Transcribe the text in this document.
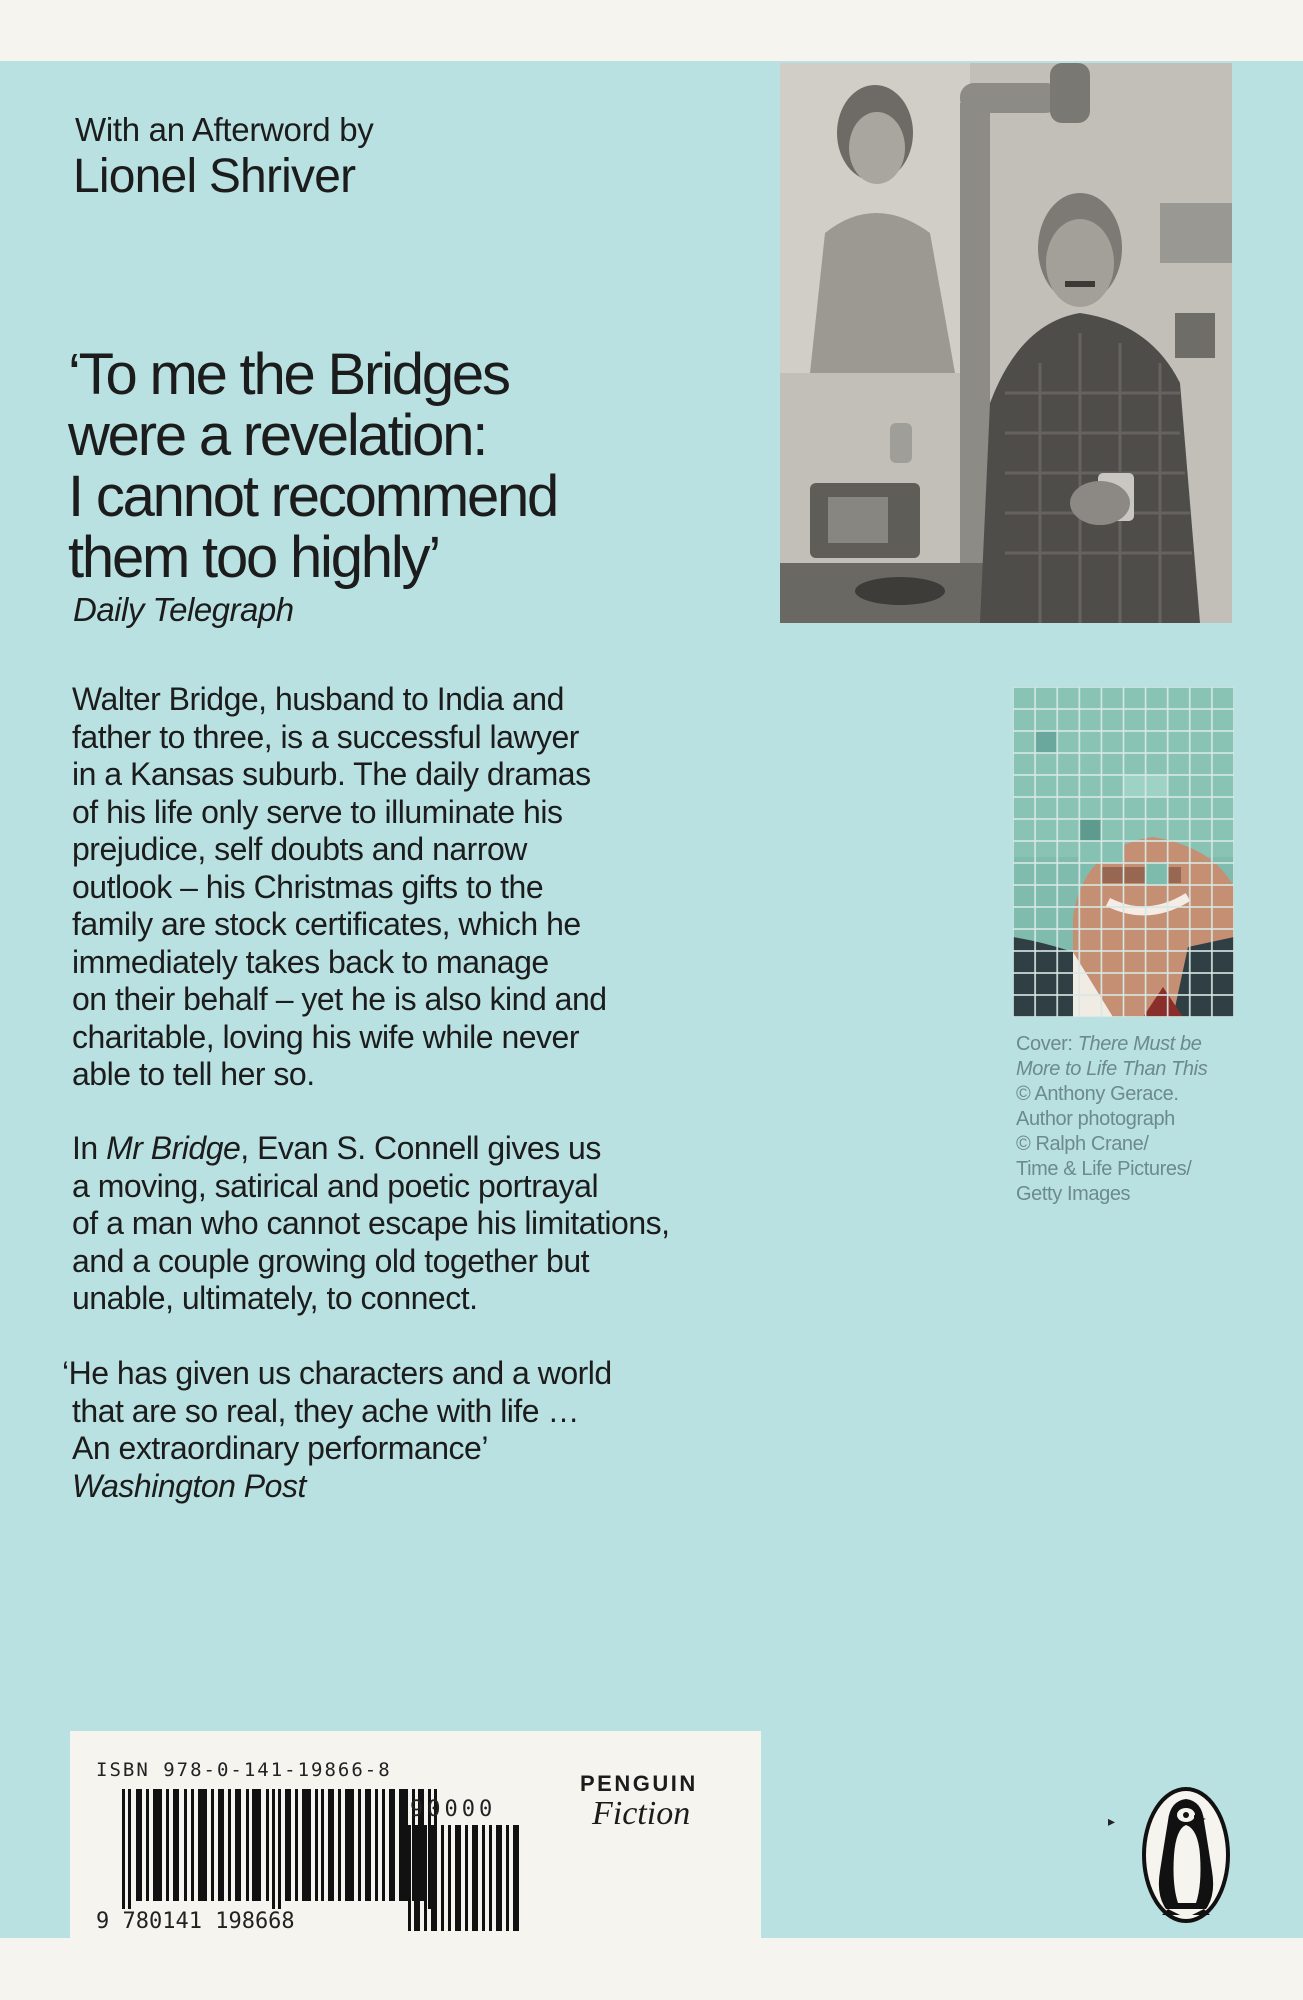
With an Afterword by
Lionel Shriver
‘To me the Bridges
were a revelation:
I cannot recommend
them too highly’
Daily Telegraph
Walter Bridge, husband to India and
father to three, is a successful lawyer
in a Kansas suburb. The daily dramas
of his life only serve to illuminate his
prejudice, self doubts and narrow
outlook – his Christmas gifts to the
family are stock certificates, which he
immediately takes back to manage
on their behalf – yet he is also kind and
charitable, loving his wife while never
able to tell her so.
In Mr Bridge, Evan S. Connell gives us
a moving, satirical and poetic portrayal
of a man who cannot escape his limitations,
and a couple growing old together but
unable, ultimately, to connect.
‘He has given us characters and a world
that are so real, they ache with life …
An extraordinary performance’
Washington Post
Cover: There Must be
More to Life Than This
© Anthony Gerace.
Author photograph
© Ralph Crane/
Time & Life Pictures/
Getty Images
ISBN 978-0-141-19866-8
90000
9 780141 198668
PENGUIN
Fiction	▸
